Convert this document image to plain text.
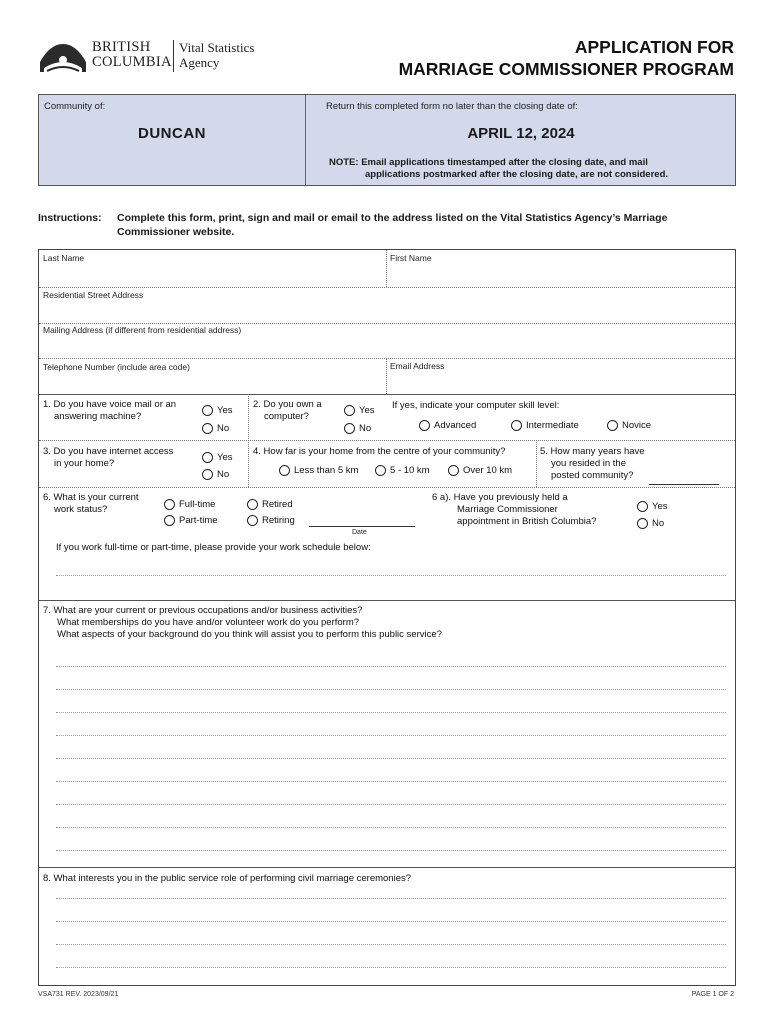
BRITISH
COLUMBIA
Vital Statistics
Agency
APPLICATION FOR
MARRIAGE COMMISSIONER PROGRAM
Community of:	Return this completed form no later than the closing date of:
DUNCAN	APRIL 12, 2024
NOTE: Email applications timestamped after the closing date, and mail
applications postmarked after the closing date, are not considered.
Instructions: Complete this form, print, sign and mail or email to the address listed on the Vital Statistics Agency’s Marriage Commissioner website.
Last Name	First Name
Residential Street Address
Mailing Address (if different from residential address)
Telephone Number (include area code)	Email Address
1. Do you have voice mail or an
answering machine?
Yes
No
2. Do you own a
computer?
Yes
No
If yes, indicate your computer skill level:
Advanced	Intermediate	Novice
3. Do you have internet access
in your home?
Yes
No
4. How far is your home from the centre of your community?
Less than 5 km	5 - 10 km	Over 10 km
5. How many years have
you resided in the
posted community?
6. What is your current
work status?	Full-time
Part-time
Retired
Retiring
Date
6 a). Have you previously held a
Marriage Commissioner
appointment in British Columbia?
Yes
No
If you work full-time or part-time, please provide your work schedule below:
7. What are your current or previous occupations and/or business activities?
What memberships do you have and/or volunteer work do you perform?
What aspects of your background do you think will assist you to perform this public service?
8. What interests you in the public service role of performing civil marriage ceremonies?
VSA731 REV. 2023/09/21	PAGE 1 OF 2
